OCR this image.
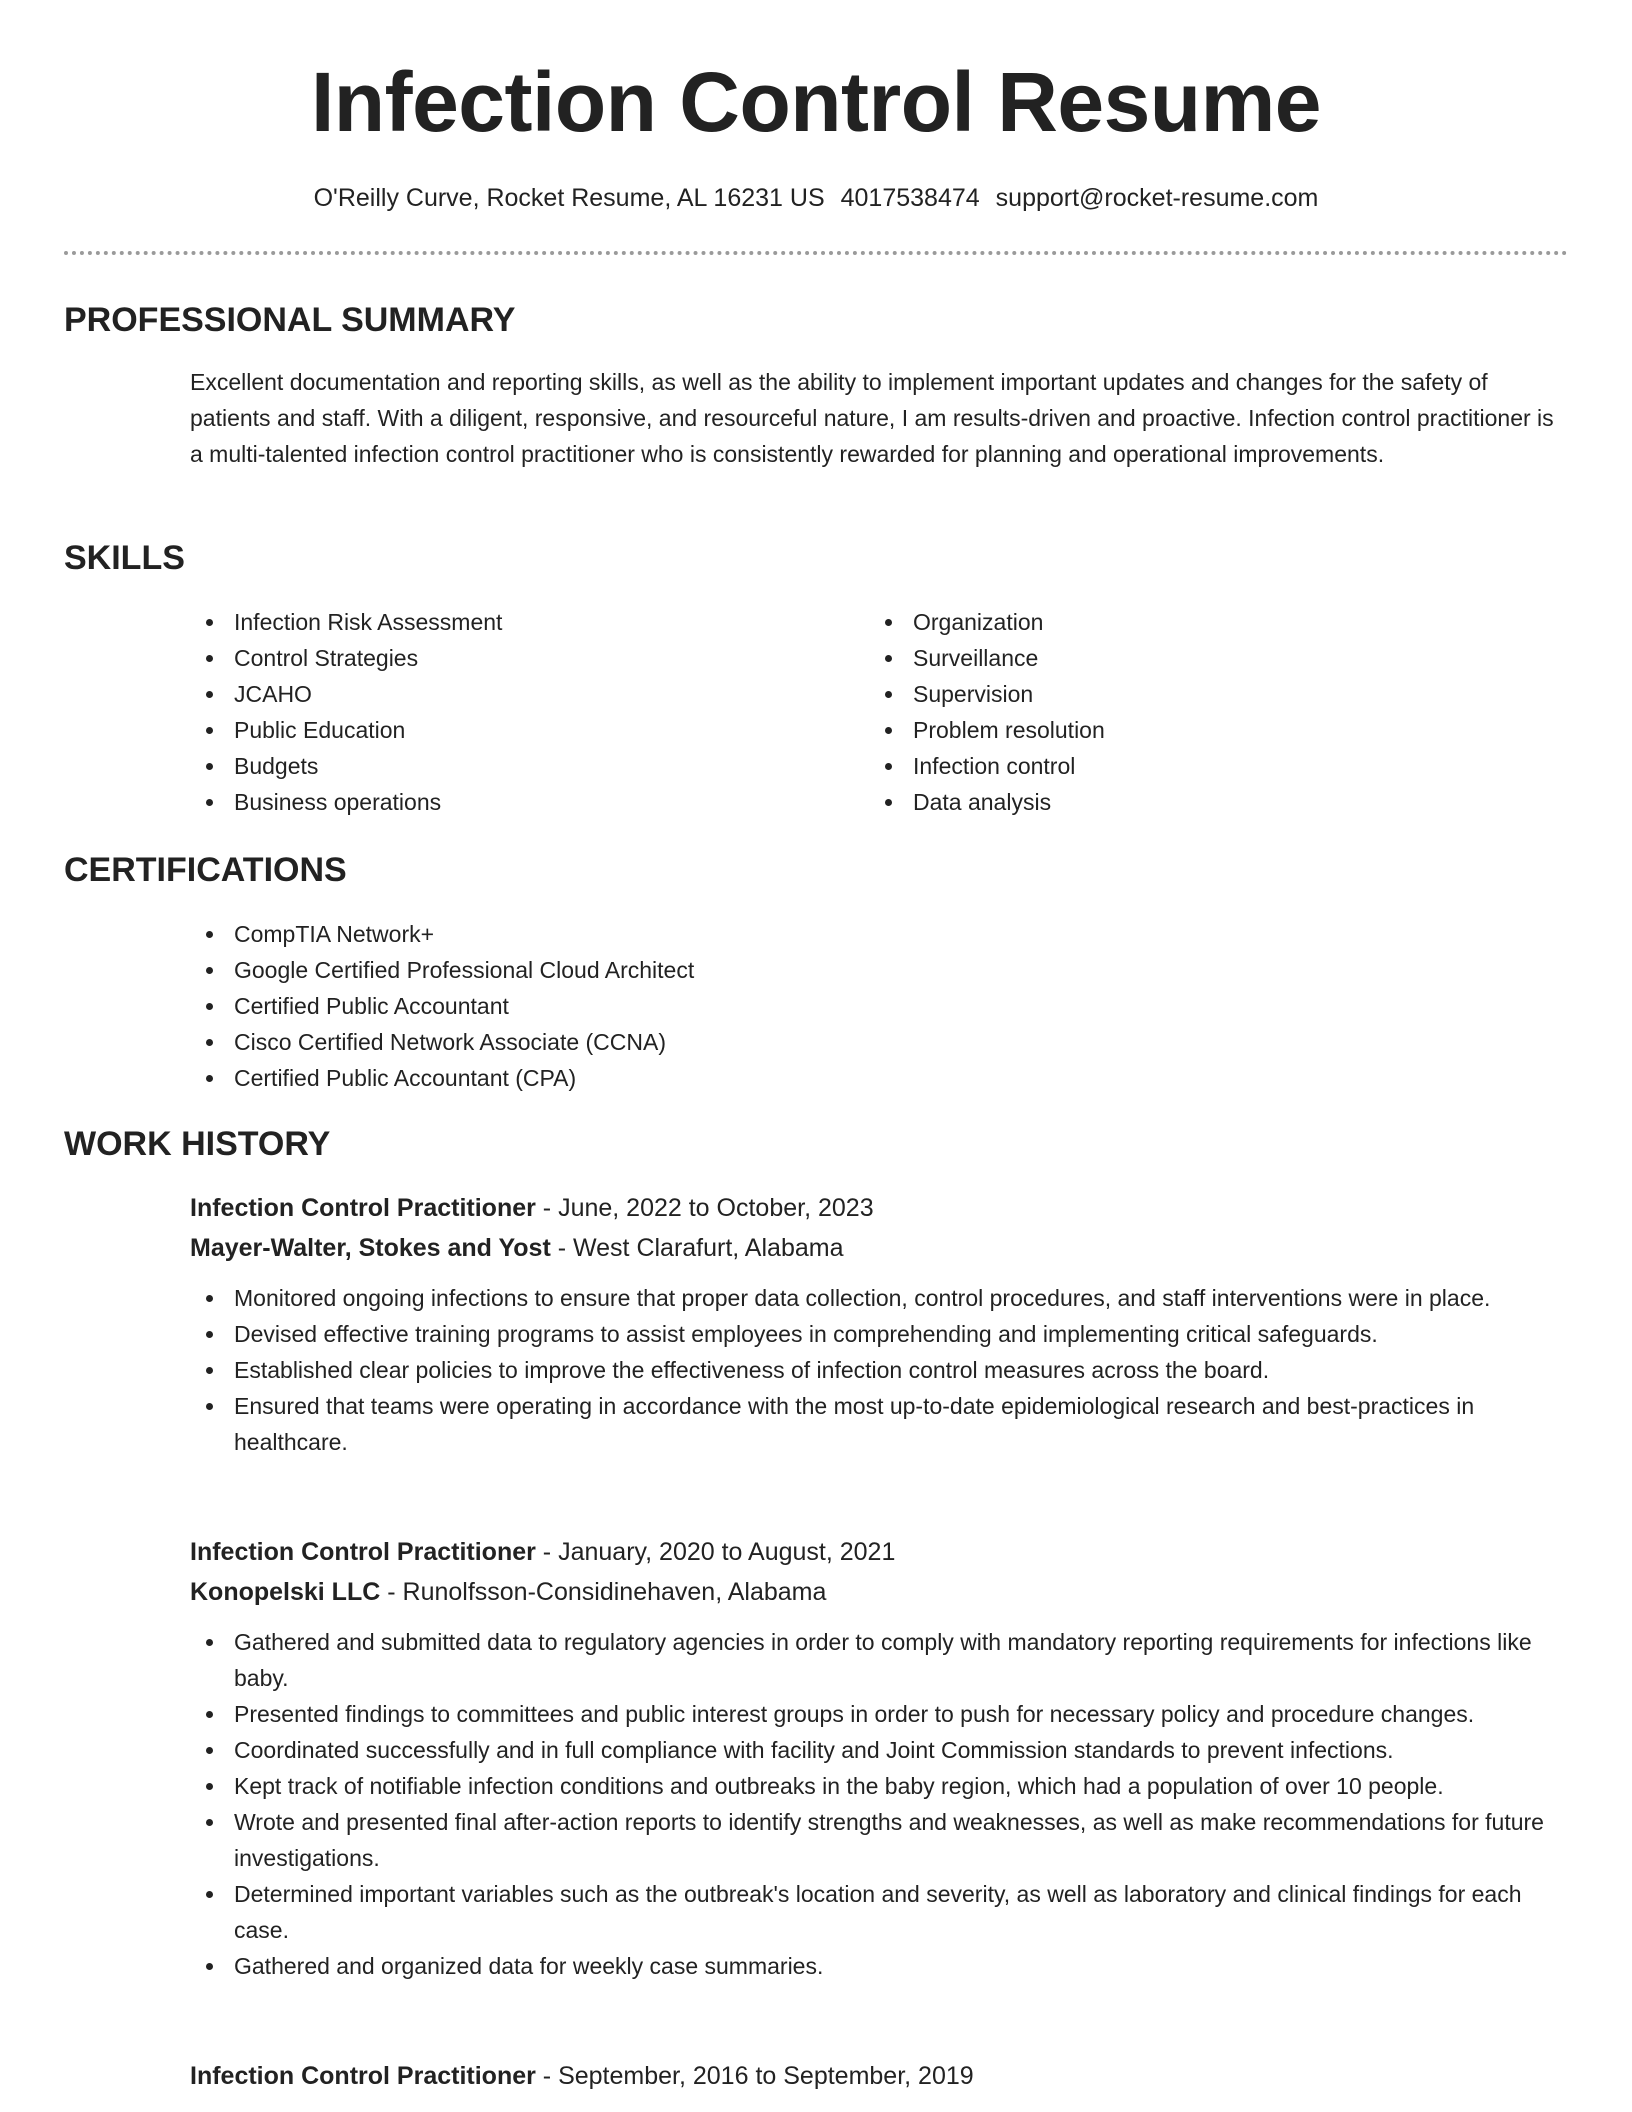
Infection Control Resume
O'Reilly Curve, Rocket Resume, AL 16231 US 4017538474 support@rocket-resume.com
PROFESSIONAL SUMMARY

Excellent documentation and reporting skills, as well as the ability to implement important updates and changes for the safety of patients and staff. With a diligent, responsive, and resourceful nature, I am results-driven and proactive. Infection control practitioner is a multi-talented infection control practitioner who is consistently rewarded for planning and operational improvements.

SKILLS
Infection Risk Assessment
Control Strategies
JCAHO
Public Education
Budgets
Business operations
Organization
Surveillance
Supervision
Problem resolution
Infection control
Data analysis
CERTIFICATIONS
CompTIA Network+
Google Certified Professional Cloud Architect
Certified Public Accountant
Cisco Certified Network Associate (CCNA)
Certified Public Accountant (CPA)
WORK HISTORY
Infection Control Practitioner - June, 2022 to October, 2023
Mayer-Walter, Stokes and Yost - West Clarafurt, Alabama
Monitored ongoing infections to ensure that proper data collection, control procedures, and staff interventions were in place.
Devised effective training programs to assist employees in comprehending and implementing critical safeguards.
Established clear policies to improve the effectiveness of infection control measures across the board.
Ensured that teams were operating in accordance with the most up-to-date epidemiological research and best-practices in healthcare.
Infection Control Practitioner - January, 2020 to August, 2021
Konopelski LLC - Runolfsson-Considinehaven, Alabama
Gathered and submitted data to regulatory agencies in order to comply with mandatory reporting requirements for infections like baby.
Presented findings to committees and public interest groups in order to push for necessary policy and procedure changes.
Coordinated successfully and in full compliance with facility and Joint Commission standards to prevent infections.
Kept track of notifiable infection conditions and outbreaks in the baby region, which had a population of over 10 people.
Wrote and presented final after-action reports to identify strengths and weaknesses, as well as make recommendations for future investigations.
Determined important variables such as the outbreak's location and severity, as well as laboratory and clinical findings for each case.
Gathered and organized data for weekly case summaries.
Infection Control Practitioner - September, 2016 to September, 2019
